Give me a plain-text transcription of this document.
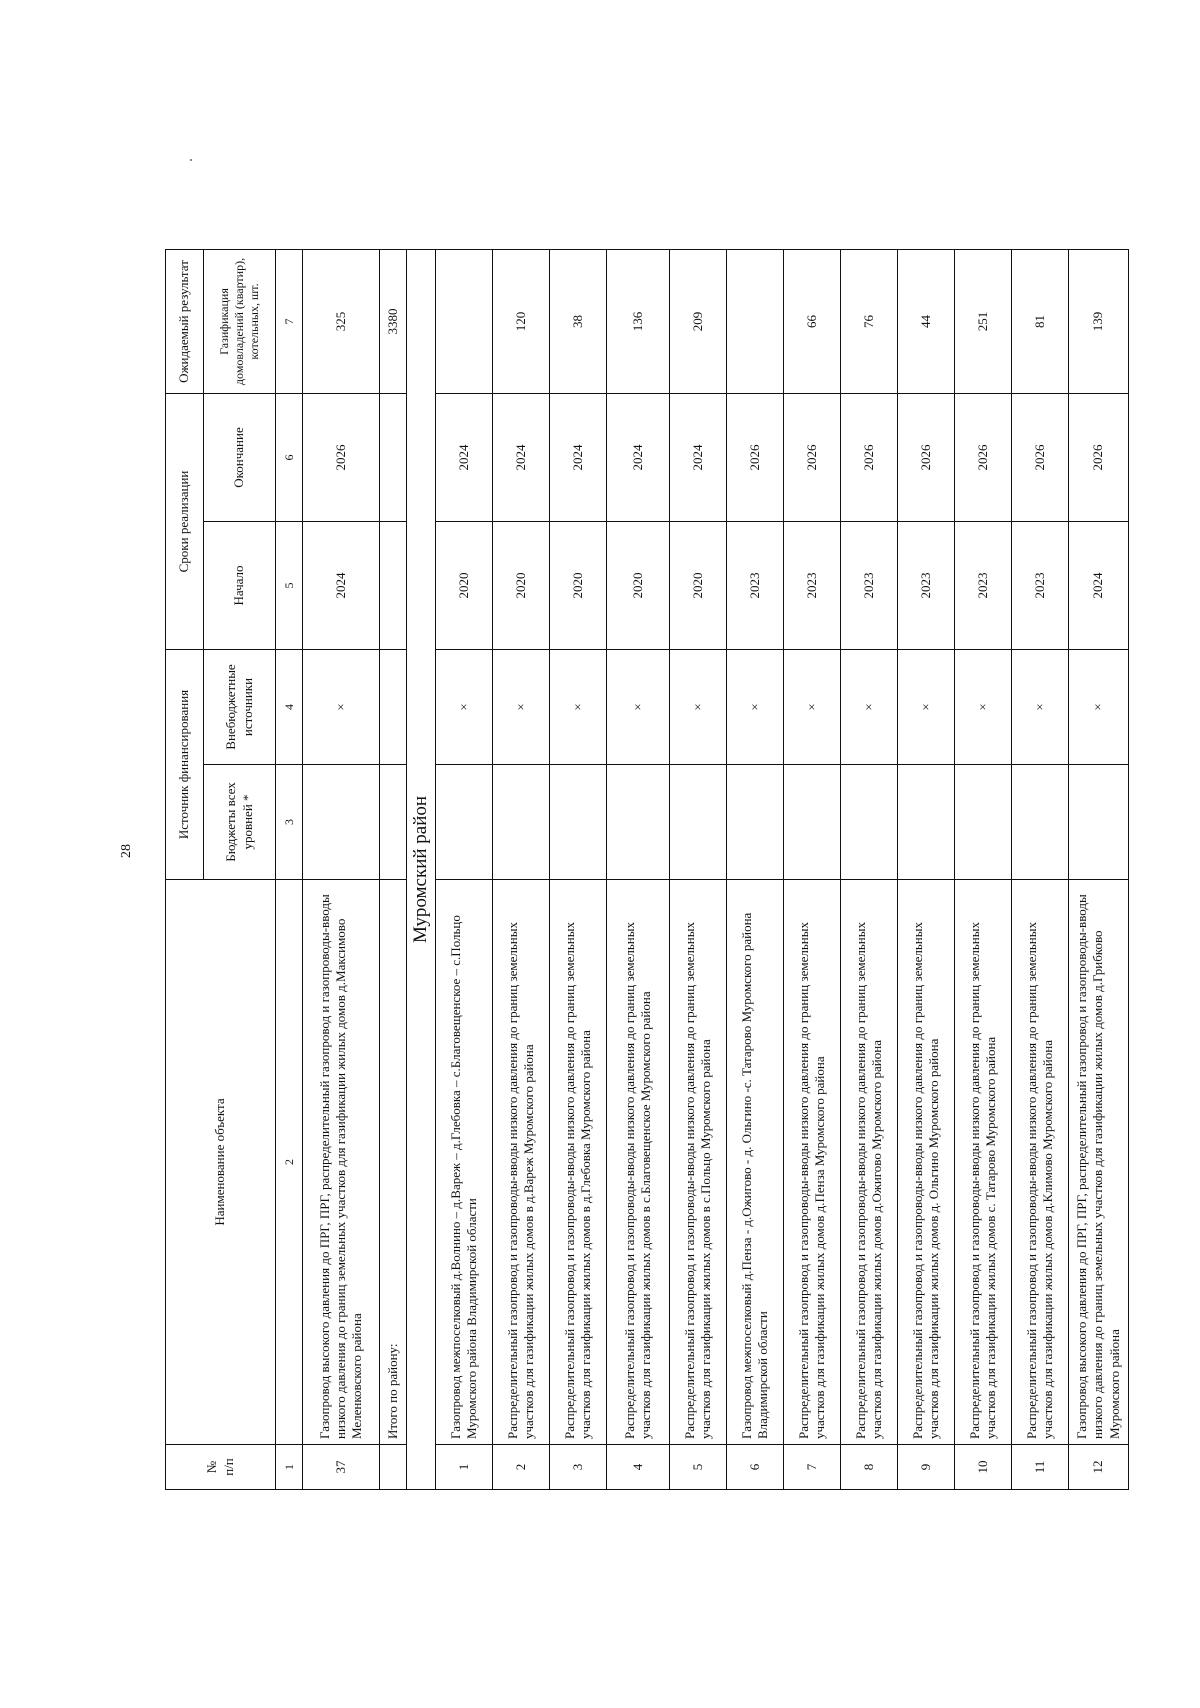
28
№
п/п	Наименование объекта	Источник финансирования		Сроки реализации		Ожидаемый результат
		Бюджеты всех уровней *	Внебюджетные источники	Начало	Окончание	Газификация домовладений (квартир), котельных, шт.
1	2	3	4	5	6	7
37	Газопровод высокого давления до ПРГ, ПРГ, распределительный газопровод и газопроводы-вводы низкого давления до границ земельных участков для газификации жилых домов д.Максимово Меленковского района		×	2024	2026	325
	Итого по району:					3380
Муромский район						
1	Газопровод межпоселковый д.Волнино – д.Вареж – д.Глебовка – с.Благовещенское – с.Польцо Муромского района Владимирской области		×	2020	2024	
2	Распределительный газопровод и газопроводы-вводы низкого давления до границ земельных участков для газификации жилых домов в д.Вареж Муромского района		×	2020	2024	120
3	Распределительный газопровод и газопроводы-вводы низкого давления до границ земельных участков для газификации жилых домов в д.Глебовка Муромского района		×	2020	2024	38
4	Распределительный газопровод и газопроводы-вводы низкого давления до границ земельных участков для газификации жилых домов в с.Благовещенское Муромского района		×	2020	2024	136
5	Распределительный газопровод и газопроводы-вводы низкого давления до границ земельных участков для газификации жилых домов в с.Польцо Муромского района		×	2020	2024	209
6	Газопровод межпоселковый д.Пенза - д.Ожигово - д. Ольгино -с. Татарово Муромского района Владимирской области		×	2023	2026	
7	Распределительный газопровод и газопроводы-вводы низкого давления до границ земельных участков для газификации жилых домов д.Пенза Муромского района		×	2023	2026	66
8	Распределительный газопровод и газопроводы-вводы низкого давления до границ земельных участков для газификации жилых домов д.Ожигово Муромского района		×	2023	2026	76
9	Распределительный газопровод и газопроводы-вводы низкого давления до границ земельных участков для газификации жилых домов д. Ольгино Муромского района		×	2023	2026	44
10	Распределительный газопровод и газопроводы-вводы низкого давления до границ земельных участков для газификации жилых домов с. Татарово Муромского района		×	2023	2026	251
11	Распределительный газопровод и газопроводы-вводы низкого давления до границ земельных участков для газификации жилых домов д.Климово Муромского района		×	2023	2026	81
12	Газопровод высокого давления до ПРГ, ПРГ, распределительный газопровод и газопроводы-вводы низкого давления до границ земельных участков для газификации жилых домов д.Грибково Муромского района		×	2024	2026	139
